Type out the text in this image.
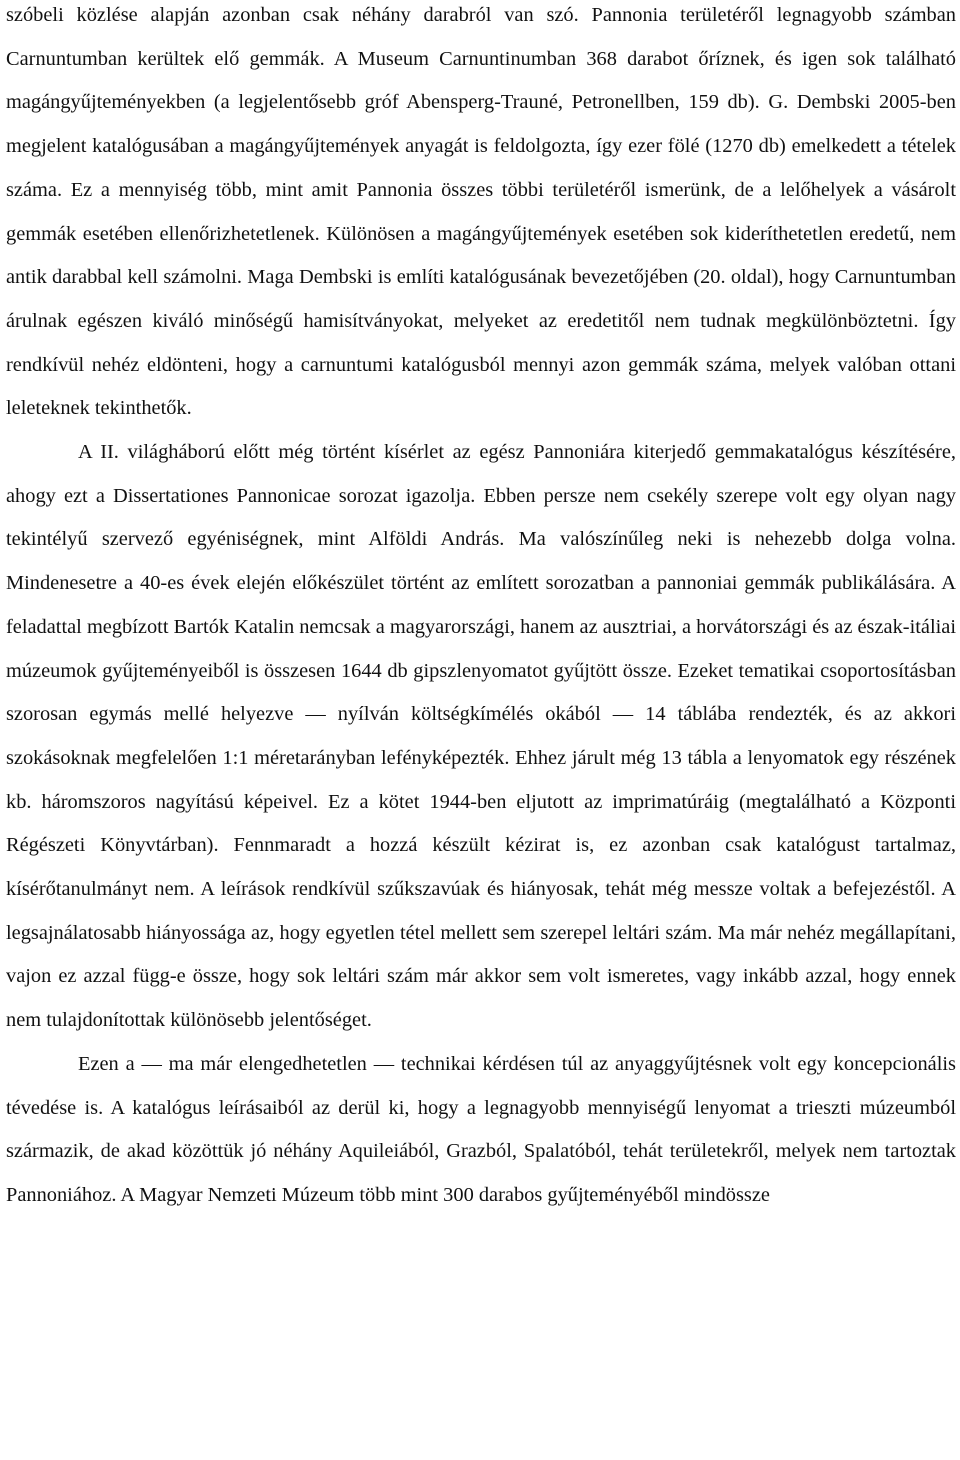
szóbeli közlése alapján azonban csak néhány darabról van szó. Pannonia területéről legnagyobb számban Carnuntumban kerültek elő gemmák. A Museum Carnuntinumban 368 darabot őríznek, és igen sok található magángyűjteményekben (a legjelentősebb gróf Abensperg-Trauné, Petronellben, 159 db). G. Dembski 2005-ben megjelent katalógusában a magángyűjtemények anyagát is feldolgozta, így ezer fölé (1270 db) emelkedett a tételek száma. Ez a mennyiség több, mint amit Pannonia összes többi területéről ismerünk, de a lelőhelyek a vásárolt gemmák esetében ellenőrizhetetlenek. Különösen a magángyűjtemények esetében sok kideríthetetlen eredetű, nem antik darabbal kell számolni. Maga Dembski is említi katalógusának bevezetőjében (20. oldal), hogy Carnuntumban árulnak egészen kiváló minőségű hamisítványokat, melyeket az eredetitől nem tudnak megkülönböztetni. Így rendkívül nehéz eldönteni, hogy a carnuntumi katalógusból mennyi azon gemmák száma, melyek valóban ottani leleteknek tekinthetők.

A II. világháború előtt még történt kísérlet az egész Pannoniára kiterjedő gemmakatalógus készítésére, ahogy ezt a Dissertationes Pannonicae sorozat igazolja. Ebben persze nem csekély szerepe volt egy olyan nagy tekintélyű szervező egyéniségnek, mint Alföldi András. Ma valószínűleg neki is nehezebb dolga volna. Mindenesetre a 40-es évek elején előkészület történt az említett sorozatban a pannoniai gemmák publikálására. A feladattal megbízott Bartók Katalin nemcsak a magyarországi, hanem az ausztriai, a horvátországi és az észak-itáliai múzeumok gyűjteményeiből is összesen 1644 db gipszlenyomatot gyűjtött össze. Ezeket tematikai csoportosításban szorosan egymás mellé helyezve — nyílván költségkímélés okából — 14 táblába rendezték, és az akkori szokásoknak megfelelően 1:1 méretarányban lefényképezték. Ehhez járult még 13 tábla a lenyomatok egy részének kb. háromszoros nagyítású képeivel. Ez a kötet 1944-ben eljutott az imprimatúráig (megtalálható a Központi Régészeti Könyvtárban). Fennmaradt a hozzá készült kézirat is, ez azonban csak katalógust tartalmaz, kísérőtanulmányt nem. A leírások rendkívül szűkszavúak és hiányosak, tehát még messze voltak a befejezéstől. A legsajnálatosabb hiányossága az, hogy egyetlen tétel mellett sem szerepel leltári szám. Ma már nehéz megállapítani, vajon ez azzal függ-e össze, hogy sok leltári szám már akkor sem volt ismeretes, vagy inkább azzal, hogy ennek nem tulajdonítottak különösebb jelentőséget.

Ezen a — ma már elengedhetetlen — technikai kérdésen túl az anyaggyűjtésnek volt egy koncepcionális tévedése is. A katalógus leírásaiból az derül ki, hogy a legnagyobb mennyiségű lenyomat a trieszti múzeumból származik, de akad közöttük jó néhány Aquileiából, Grazból, Spalatóból, tehát területekről, melyek nem tartoztak Pannoniához. A Magyar Nemzeti Múzeum több mint 300 darabos gyűjteményéből mindössze
